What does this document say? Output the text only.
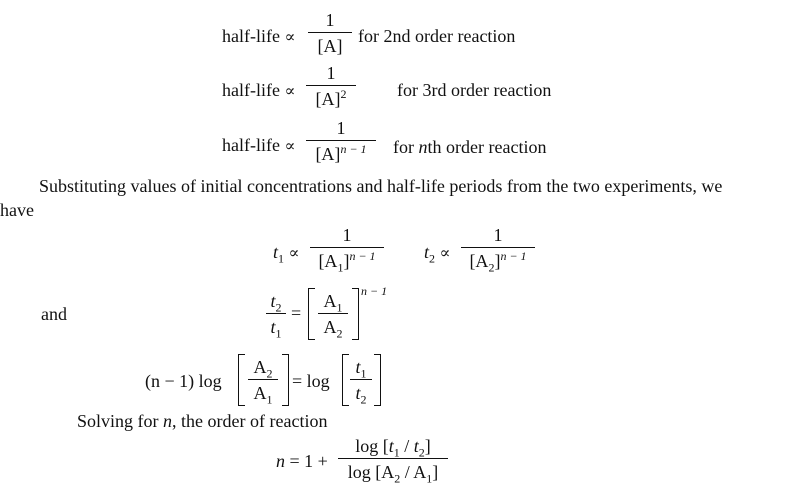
half-life ∝
1
[A] for 2nd order reaction
half-life ∝
1
$[A]^2$	for 3rd order reaction
half-life ∝
1
$[A]^{n - 1}$	for nth order reaction
Substituting values of initial concentrations and half-life periods from the two experiments, we
have
$t_1$ ∝
1
$[A_1]^{n - 1}$	$t_2$ ∝
1
$[A_2]^{n - 1}$
and
$t_2$
$t_1$
=
$A_1$
$A_2$
n − 1
(n − 1) log
$A_2$
$A_1$
= log
$t_1$
$t_2$
Solving for n, the order of reaction
n = 1 +
$\log [t_1 / t_2]$
$\log [A_2 / A_1]$
